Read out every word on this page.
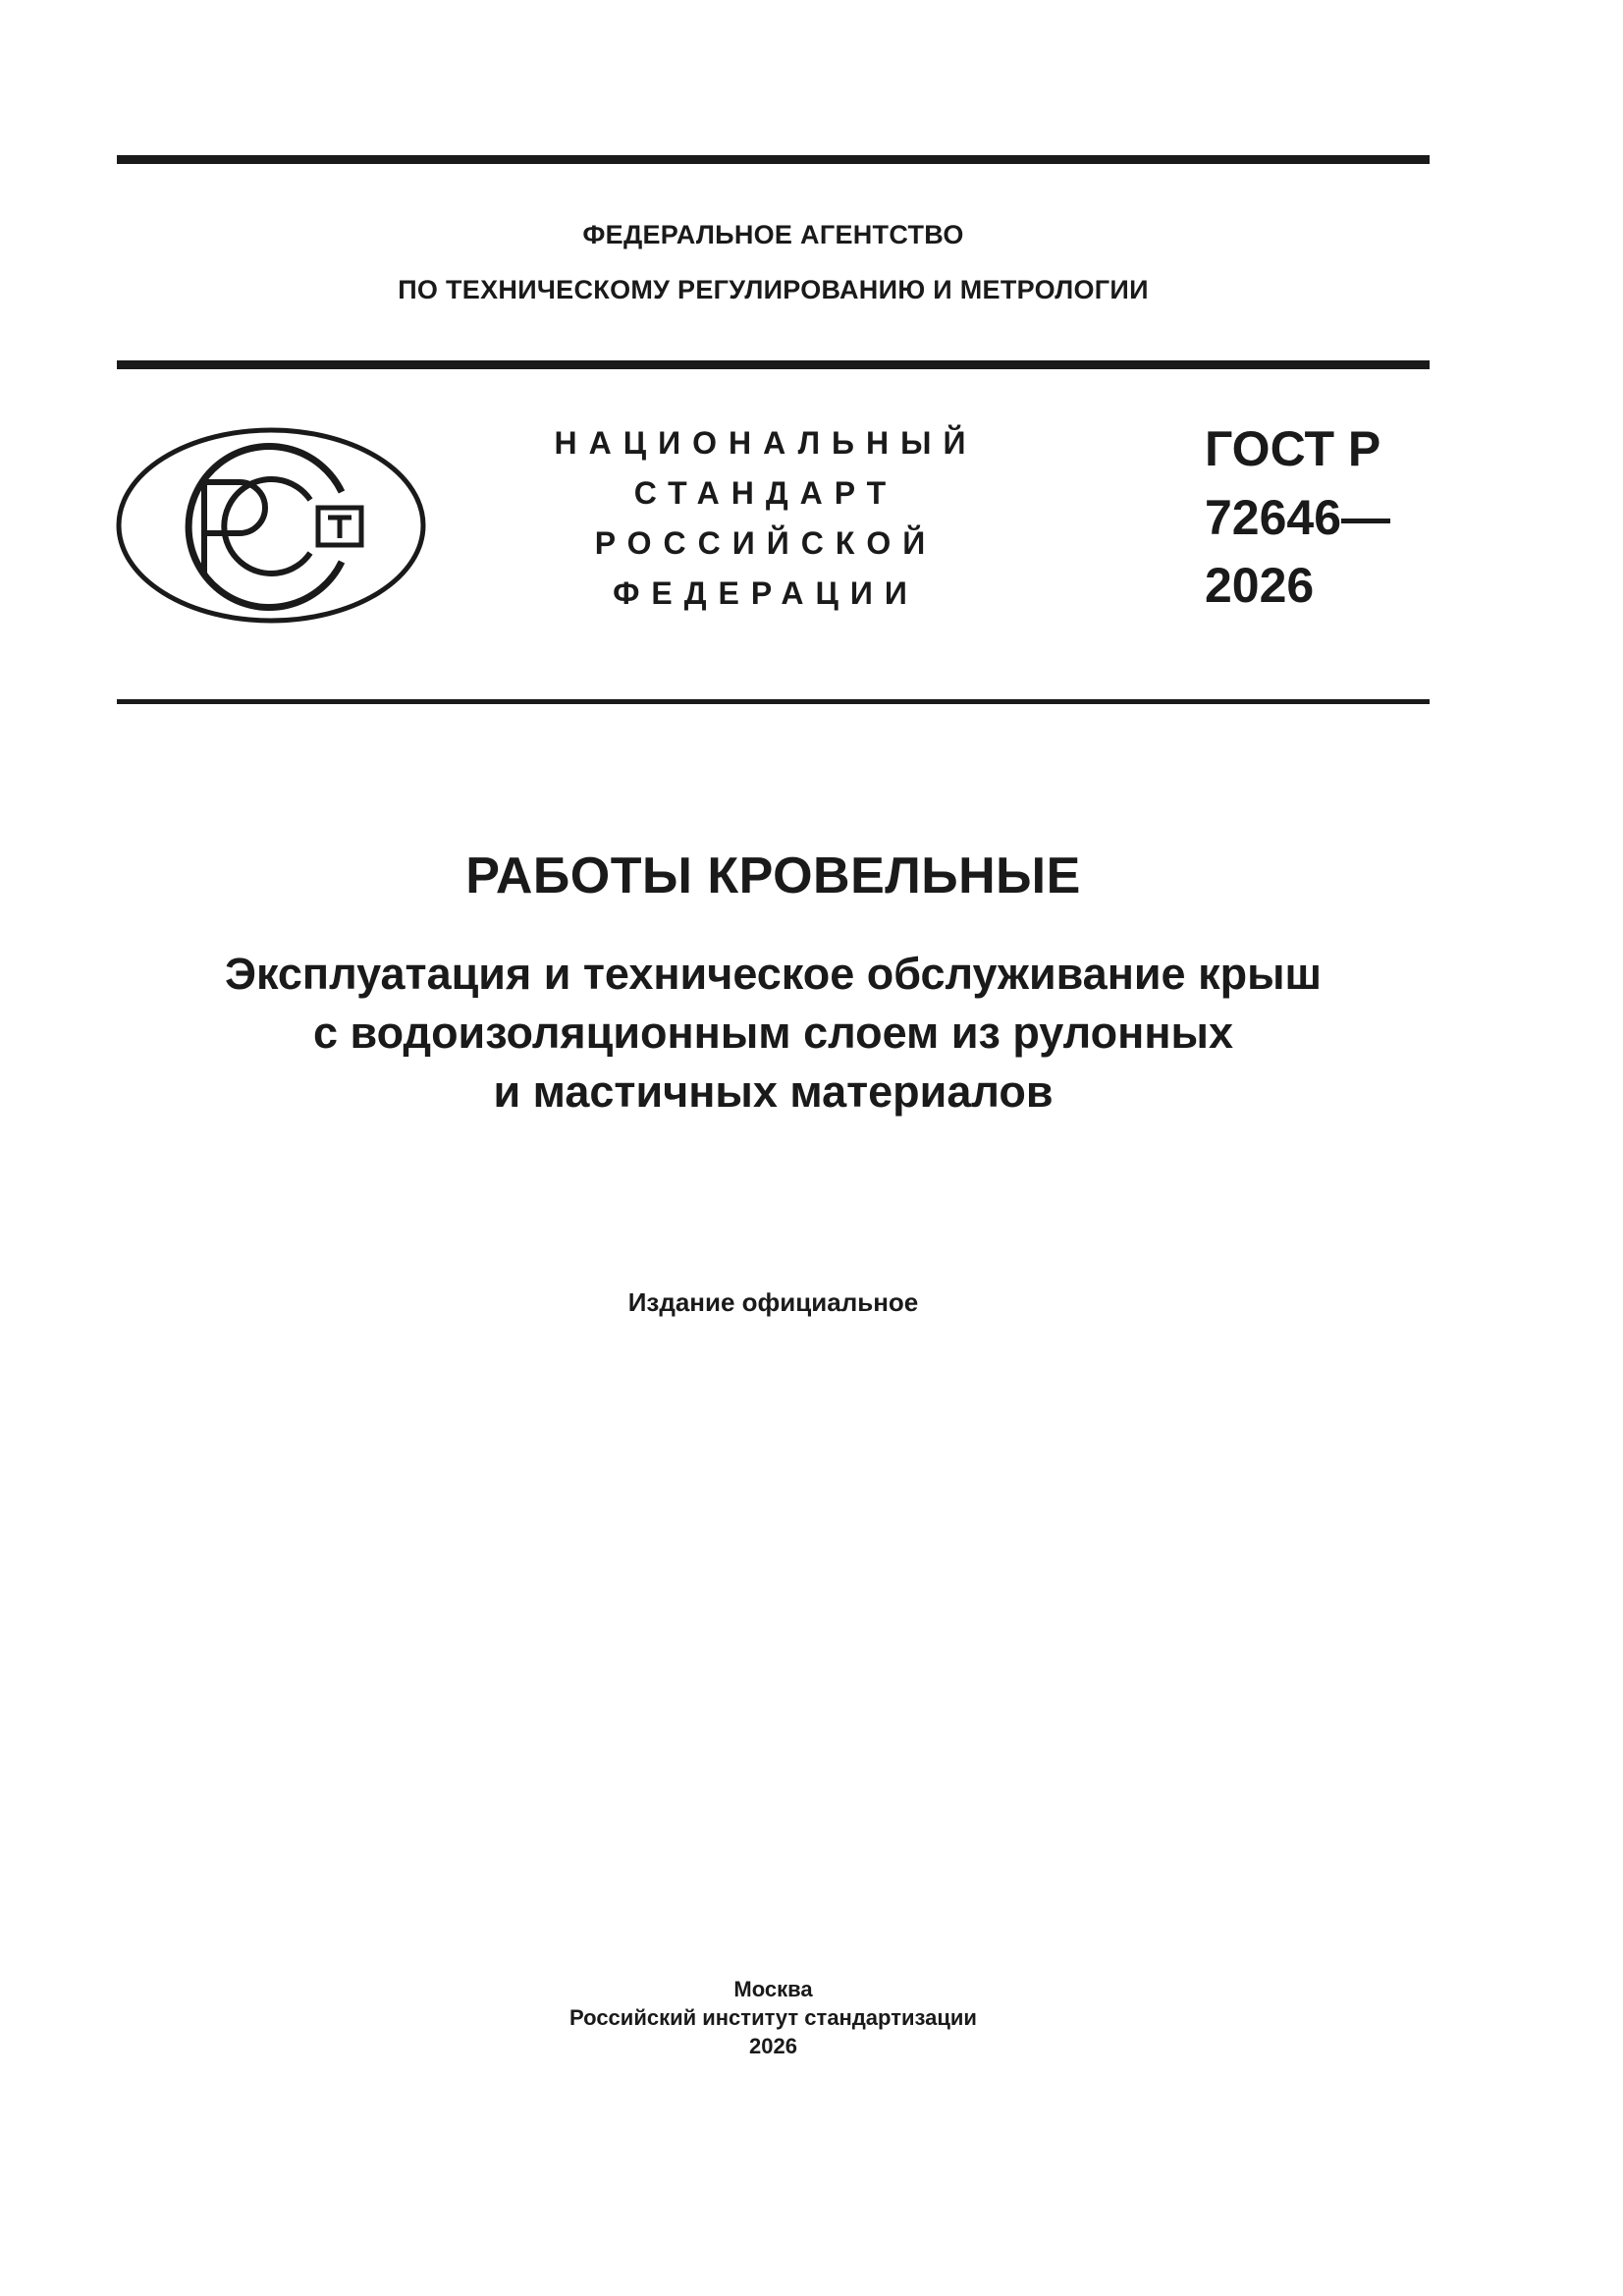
ФЕДЕРАЛЬНОЕ АГЕНТСТВО
ПО ТЕХНИЧЕСКОМУ РЕГУЛИРОВАНИЮ И МЕТРОЛОГИИ
НАЦИОНАЛЬНЫЙ
СТАНДАРТ
РОССИЙСКОЙ
ФЕДЕРАЦИИ
ГОСТ Р
72646—
2026
РАБОТЫ КРОВЕЛЬНЫЕ
Эксплуатация и техническое обслуживание крыш
с водоизоляционным слоем из рулонных
и мастичных материалов
Издание официальное
Москва
Российский институт стандартизации
2026
